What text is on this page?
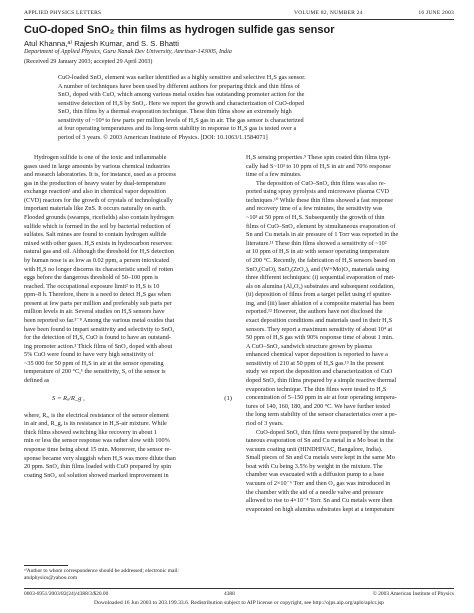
APPLIED PHYSICS LETTERS	VOLUME 82, NUMBER 24	16 JUNE 2003
CuO-doped SnO₂ thin films as hydrogen sulfide gas sensor
Atul Khanna,ᵃ⁾ Rajesh Kumar, and S. S. Bhatti
Department of Applied Physics, Guru Nanak Dev University, Amritsar-143005, India
(Received 29 January 2003; accepted 29 April 2003)
CuO-loaded SnO₂ element was earlier identified as a highly sensitive and selective H₂S gas sensor.
A number of techniques have been used by different authors for preparing thick and thin films of
SnO₂ doped with CuO, which among various metal oxides has outstanding promoter action for the
sensitive detection of H₂S by SnO₂. Here we report the growth and characterization of CuO-doped
SnO₂ thin films by a thermal evaporation technique. These thin films show an extremely high
sensitivity of ~10⁴ to few parts per million levels of H₂S gas in air. The gas sensor is characterized
at four operating temperatures and its long-term stability in response to H₂S gas is tested over a
period of 3 years. © 2003 American Institute of Physics. [DOI: 10.1063/1.1584071]
Hydrogen sulfide is one of the toxic and inflammable
gases used in large amounts by various chemical industries
and research laboratories. It is, for instance, used as a process
gas in the production of heavy water by dual-temperature
exchange reaction¹ and also in chemical vapor deposition
(CVD) reactors for the growth of crystals of technologically
important materials like ZnS. It occurs naturally on earth.
Flooded grounds (swamps, ricefields) also contain hydrogen
sulfide which is formed in the soil by bacterial reduction of
sulfates. Salt mines are found to contain hydrogen sulfide
mixed with other gases. H₂S exists in hydrocarbon reserves:
natural gas and oil. Although the threshold for H₂S detection
by human nose is as low as 0.02 ppm, a person intoxicated
with H₂S no longer discerns its characteristic smell of rotten
eggs before the dangerous threshold of 50–100 ppm is
reached. The occupational exposure limit² to H₂S is 10
ppm–8 h. Therefore, there is a need to detect H₂S gas when
present at few parts per million and preferably sub parts per
million levels in air. Several studies on H₂S sensors have
been reported so far.³⁻⁸ Among the various metal oxides that
have been found to impart sensitivity and selectivity to SnO₂
for the detection of H₂S, CuO is found to have an outstand-
ing promoter action.³ Thick films of SnO₂ doped with about
5% CuO were found to have very high sensitivity of
~35 000 for 50 ppm of H₂S in air at the sensor operating
temperature of 200 °C,⁶ the sensitivity, S, of the sensor is
defined as
S = Rₐ/R_g ,	(1)
where, Rₐ, is the electrical resistance of the sensor element
in air and, R_g, is its resistance in H₂S-air mixture. While
thick films showed switching like recovery in about 1
min or less the sensor response was rather slow with 100%
response time being about 15 min. Moreover, the sensor re-
sponse became very sluggish when H₂S was more dilute than
20 ppm. SnO₂ thin films loaded with CuO prepared by spin
coating SnO₂ sol solution showed marked improvement in
H₂S sensing properties.⁹ These spin coated thin films typi-
cally had S~10³ to 10 ppm of H₂S in air and 70% response
time of a few minutes.
The deposition of CuO–SnO₂ thin films was also re-
ported using spray pyrolysis and microwave plasma CVD
techniques.¹⁰ While these thin films showed a fast response
and recovery time of a few minutes, the sensitivity was
~10³ at 50 ppm of H₂S. Subsequently the growth of thin
films of CuO–SnO₂ element by simultaneous evaporation of
Sn and Cu metals in air pressure of 1 Torr was reported in the
literature.¹¹ These thin films showed a sensitivity of ~10²
at 10 ppm of H₂S in air with sensor operating temperature
of 200 °C. Recently, the fabrication of H₂S sensors based on
SnO₂(CuO), SnO₂(ZrO₂), and (W+Mo)O₃ materials using
three different techniques: (i) sequential evaporation of met-
als on alumina (Al₂O₃) substrates and subsequent oxidation,
(ii) deposition of films from a target pellet using rf sputter-
ing, and (iii) laser ablation of a composite material has been
reported.¹² However, the authors have not disclosed the
exact deposition conditions and materials used in their H₂S
sensors. They report a maximum sensitivity of about 10⁴ at
50 ppm of H₂S gas with 90% response time of about 1 min.
A CuO–SnO₂ sandwich structure grown by plasma
enhanced chemical vapor deposition is reported to have a
sensitivity of 210 at 50 ppm of H₂S gas.¹³ In the present
study we report the deposition and characterization of CuO
doped SnO₂ thin films prepared by a simple reactive thermal
evaporation technique. The thin films were tested to H₂S
concentration of 5–150 ppm in air at four operating tempera-
tures of 140, 160, 180, and 200 °C. We have further tested
the long term stability of the sensor characteristics over a pe-
riod of 3 years.
CuO-doped SnO₂ thin films were prepared by the simul-
taneous evaporation of Sn and Cu metal in a Mo boat in the
vacuum coating unit (HINDHIVAC, Bangalore, India).
Small pieces of Sn and Cu metals were kept in the same Mo
boat with Cu being 3.5% by weight in the mixture. The
chamber was evacuated with a diffusion pump to a base
vacuum of 2×10⁻⁶ Torr and then O₂ gas was introduced in
the chamber with the aid of a needle valve and pressure
allowed to rise to 4×10⁻⁴ Torr. Sn and Cu metals were then
evaporated on high alumina substrates kept at a temperature
ᵃ⁾Author to whom correspondence should be addressed; electronic mail:
atulphysics@yahoo.com
0003-6951/2003/82(24)/4388/3/$20.00	4388	© 2003 American Institute of Physics
Downloaded 16 Jun 2003 to 203.199.33.6. Redistribution subject to AIP license or copyright, see http://ojps.aip.org/aplo/aplcr.jsp
